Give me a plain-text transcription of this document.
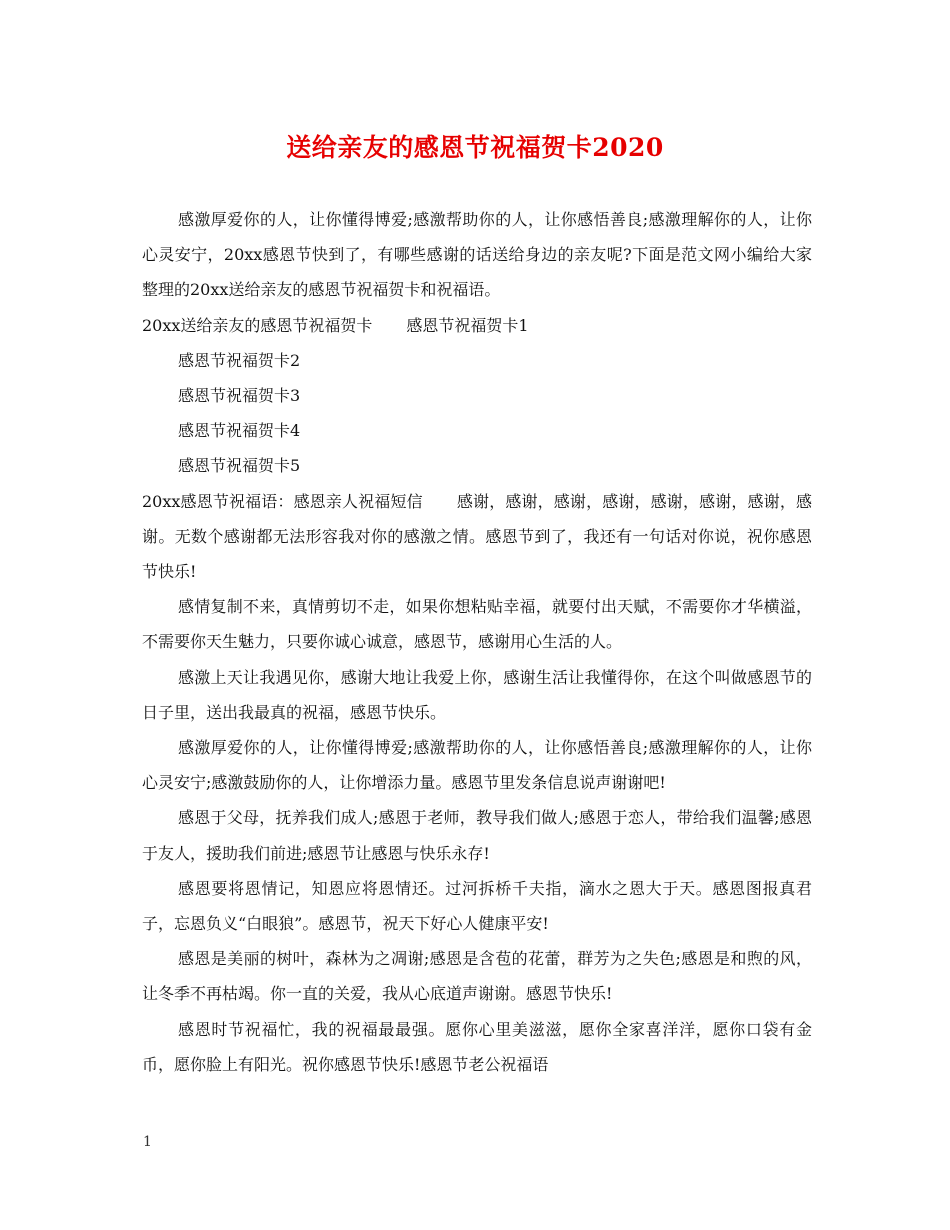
送给亲友的感恩节祝福贺卡2020

感激厚爱你的人，让你懂得博爱;感激帮助你的人，让你感悟善良;感激理解你的人，让你心灵安宁，20xx感恩节快到了，有哪些感谢的话送给身边的亲友呢?下面是范文网小编给大家整理的20xx送给亲友的感恩节祝福贺卡和祝福语。

20xx送给亲友的感恩节祝福贺卡 感恩节祝福贺卡1

感恩节祝福贺卡2

感恩节祝福贺卡3

感恩节祝福贺卡4

感恩节祝福贺卡5

20xx感恩节祝福语：感恩亲人祝福短信 感谢，感谢，感谢，感谢，感谢，感谢，感谢，感谢。无数个感谢都无法形容我对你的感激之情。感恩节到了，我还有一句话对你说，祝你感恩节快乐!

感情复制不来，真情剪切不走，如果你想粘贴幸福，就要付出天赋，不需要你才华横溢，不需要你天生魅力，只要你诚心诚意，感恩节，感谢用心生活的人。

感激上天让我遇见你，感谢大地让我爱上你，感谢生活让我懂得你，在这个叫做感恩节的日子里，送出我最真的祝福，感恩节快乐。

感激厚爱你的人，让你懂得博爱;感激帮助你的人，让你感悟善良;感激理解你的人，让你心灵安宁;感激鼓励你的人，让你增添力量。感恩节里发条信息说声谢谢吧!

感恩于父母，抚养我们成人;感恩于老师，教导我们做人;感恩于恋人，带给我们温馨;感恩于友人，援助我们前进;感恩节让感恩与快乐永存!

感恩要将恩情记，知恩应将恩情还。过河拆桥千夫指，滴水之恩大于天。感恩图报真君子，忘恩负义“白眼狼”。感恩节，祝天下好心人健康平安!

感恩是美丽的树叶，森林为之凋谢;感恩是含苞的花蕾，群芳为之失色;感恩是和煦的风，让冬季不再枯竭。你一直的关爱，我从心底道声谢谢。感恩节快乐!

感恩时节祝福忙，我的祝福最最强。愿你心里美滋滋，愿你全家喜洋洋，愿你口袋有金币，愿你脸上有阳光。祝你感恩节快乐!感恩节老公祝福语

1
